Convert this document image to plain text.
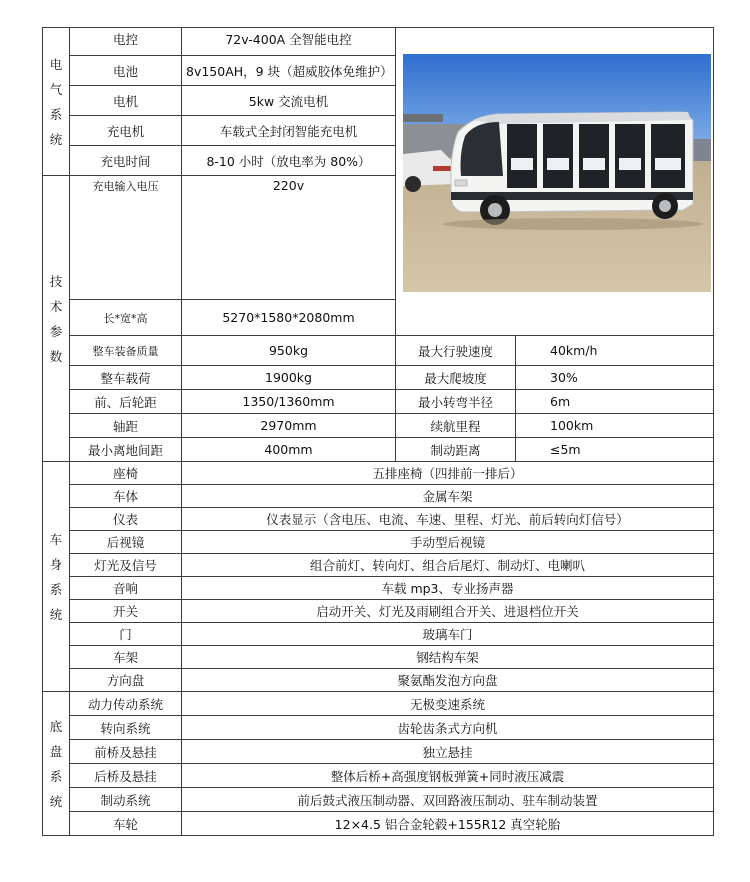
电
气
系
统	电控	72v-400A 全智能电控	

	电池	8v150AH，9 块（超威胶体免维护）			
	电机	5kw 交流电机			
	充电机	车载式全封闭智能充电机			
	充电时间	8-10 小时（放电率为 80%）			

技
术
参
数	充电输入电压	220v			
	长*宽*高	5270*1580*2080mm		
	整车装备质量	950kg	最大行驶速度	40km/h	
	整车载荷	1900kg	最大爬坡度	30%	
	前、后轮距	1350/1360mm	最小转弯半径	6m	
	轴距	2970mm	续航里程	100km	
	最小离地间距	400mm	制动距离	≤5m	

车
身
系
统	座椅	五排座椅（四排前一排后）			
	车体	金属车架			
	仪表	仪表显示（含电压、电流、车速、里程、灯光、前后转向灯信号）			
	后视镜	手动型后视镜			
	灯光及信号	组合前灯、转向灯、组合后尾灯、制动灯、电喇叭			
	音响	车载 mp3、专业扬声器			
	开关	启动开关、灯光及雨刷组合开关、进退档位开关			
	门	玻璃车门			
	车架	钢结构车架			
	方向盘	聚氨酯发泡方向盘			

底
盘
系
统	动力传动系统	无极变速系统			
	转向系统	齿轮齿条式方向机			
	前桥及悬挂	独立悬挂			
	后桥及悬挂	整体后桥+高强度钢板弹簧+同时液压减震			
	制动系统	前后鼓式液压制动器、双回路液压制动、驻车制动装置			
	车轮	12×4.5 铝合金轮毂+155R12 真空轮胎			
